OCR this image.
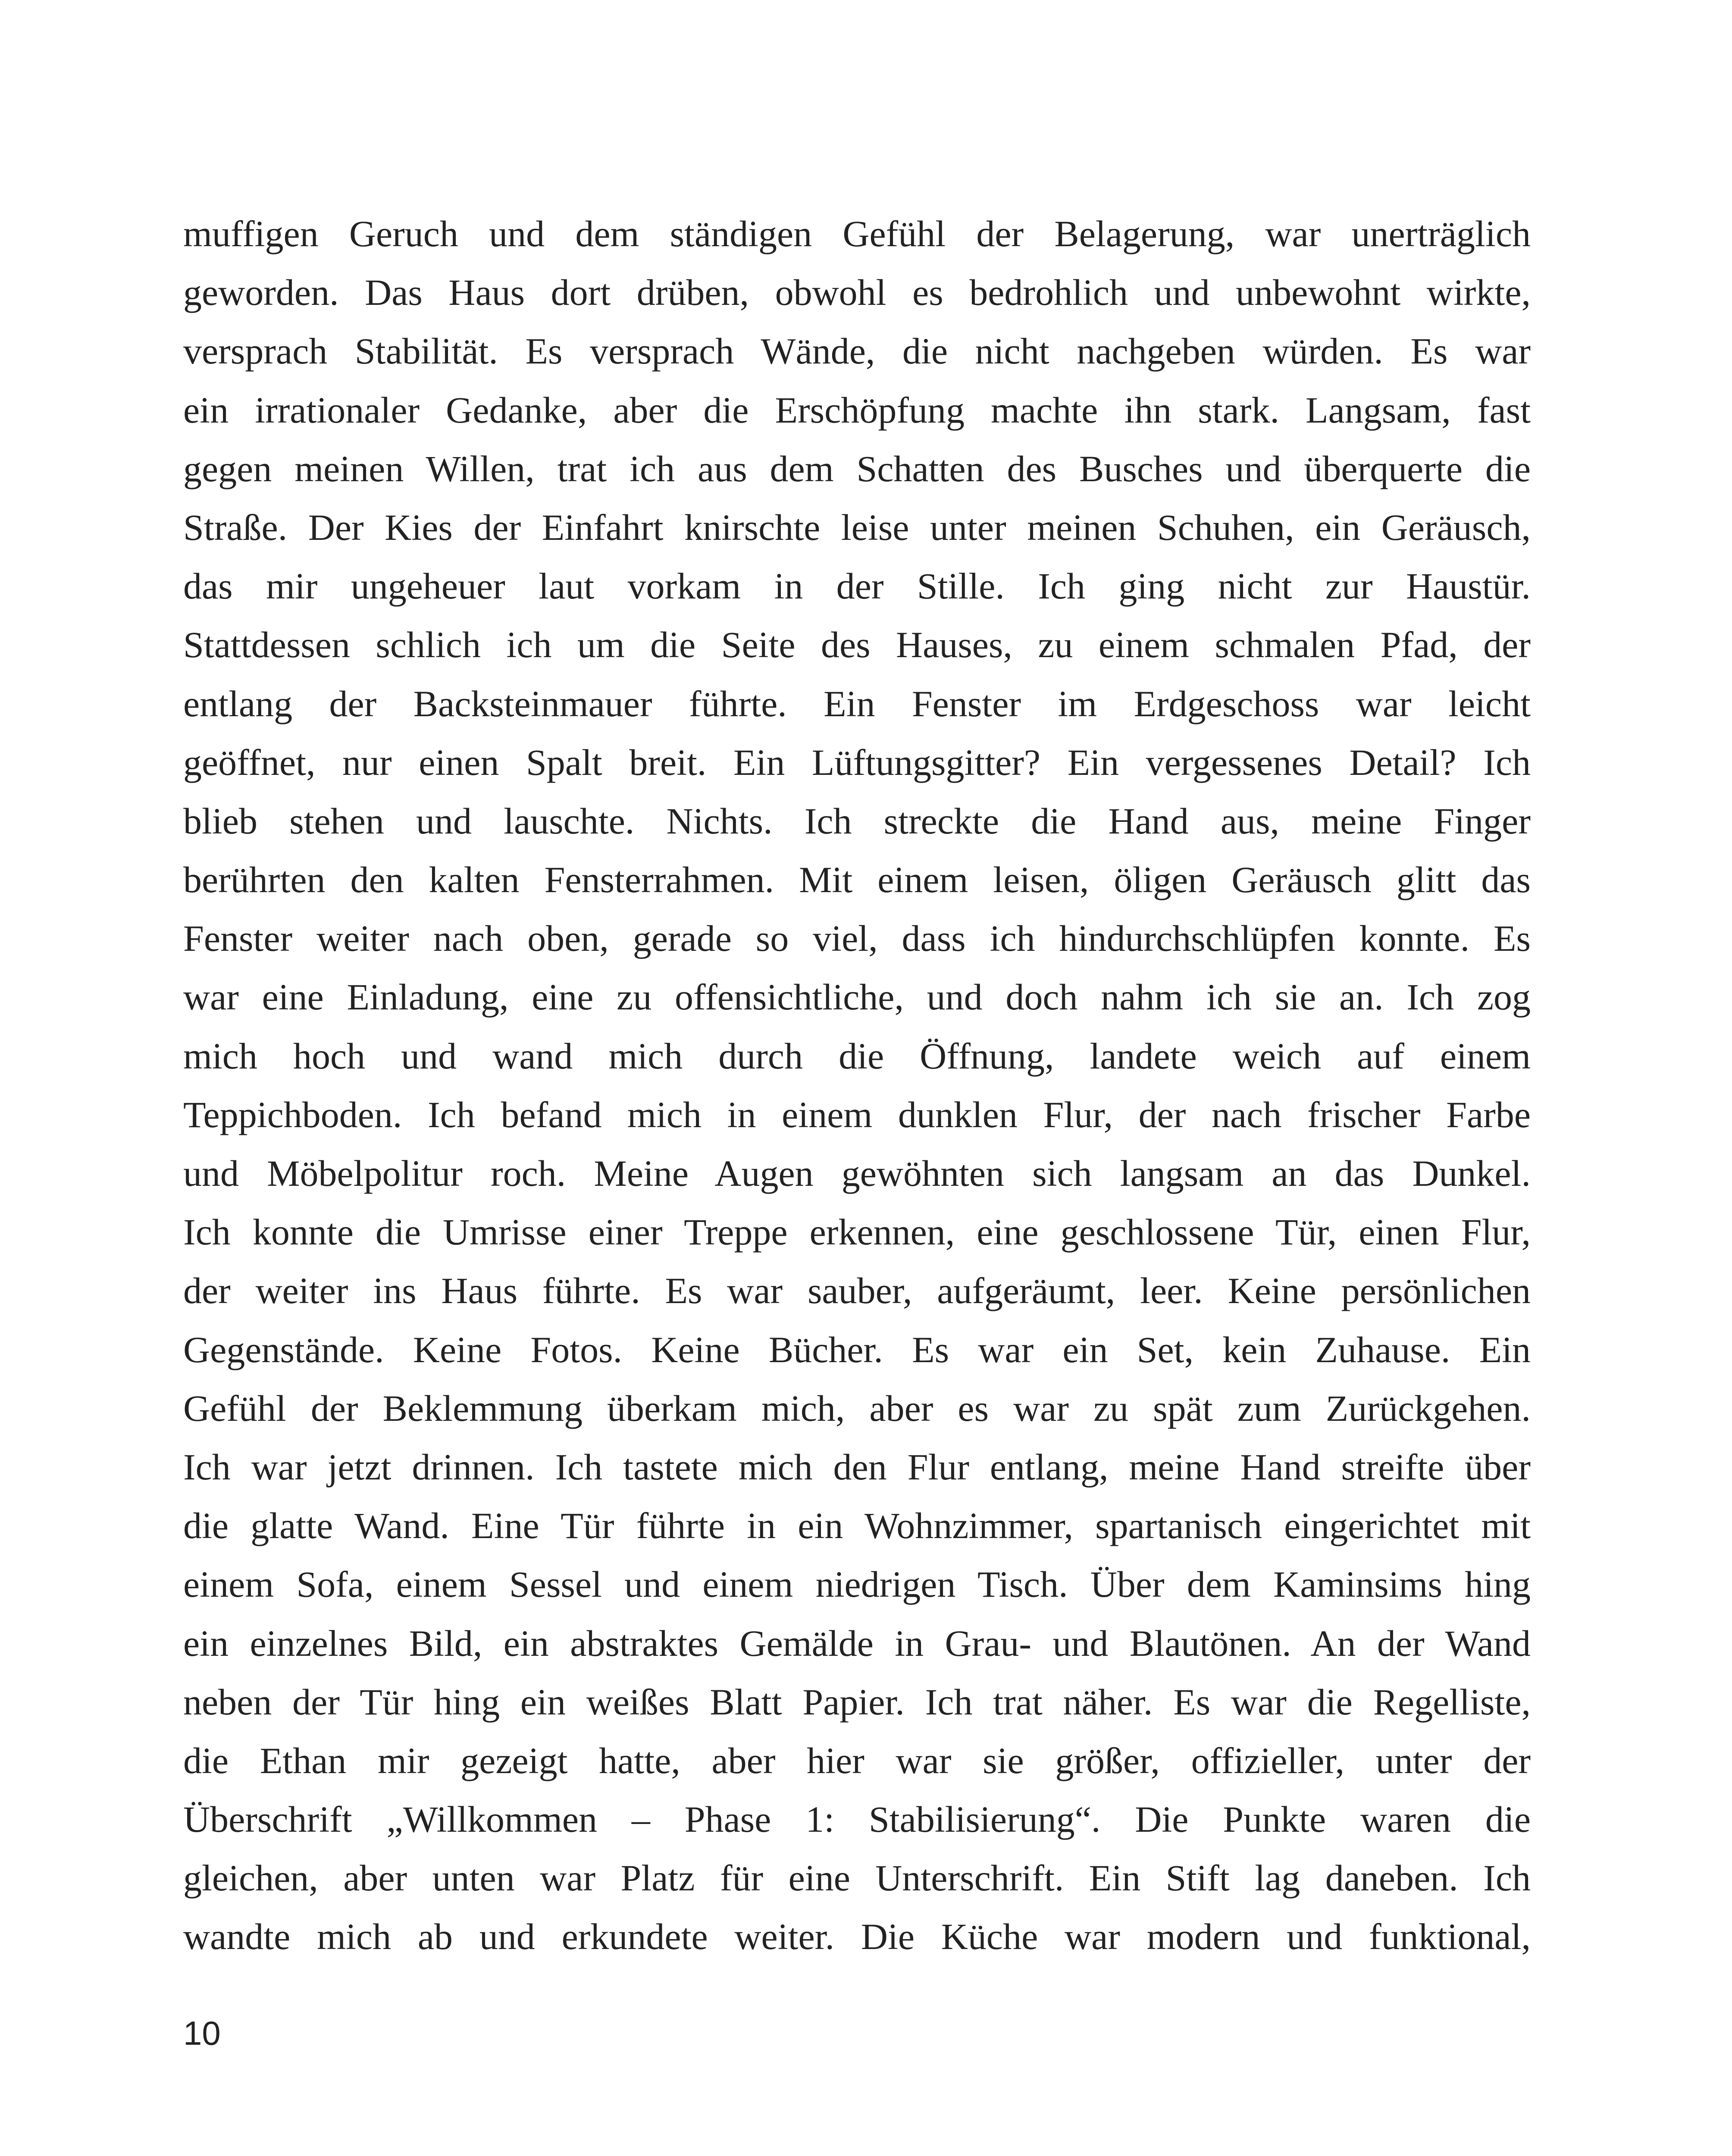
muffigen Geruch und dem ständigen Gefühl der Belagerung, war unerträglich
geworden. Das Haus dort drüben, obwohl es bedrohlich und unbewohnt wirkte,
versprach Stabilität. Es versprach Wände, die nicht nachgeben würden. Es war
ein irrationaler Gedanke, aber die Erschöpfung machte ihn stark. Langsam, fast
gegen meinen Willen, trat ich aus dem Schatten des Busches und überquerte die
Straße. Der Kies der Einfahrt knirschte leise unter meinen Schuhen, ein Geräusch,
das mir ungeheuer laut vorkam in der Stille. Ich ging nicht zur Haustür.
Stattdessen schlich ich um die Seite des Hauses, zu einem schmalen Pfad, der
entlang der Backsteinmauer führte. Ein Fenster im Erdgeschoss war leicht
geöffnet, nur einen Spalt breit. Ein Lüftungsgitter? Ein vergessenes Detail? Ich
blieb stehen und lauschte. Nichts. Ich streckte die Hand aus, meine Finger
berührten den kalten Fensterrahmen. Mit einem leisen, öligen Geräusch glitt das
Fenster weiter nach oben, gerade so viel, dass ich hindurchschlüpfen konnte. Es
war eine Einladung, eine zu offensichtliche, und doch nahm ich sie an. Ich zog
mich hoch und wand mich durch die Öffnung, landete weich auf einem
Teppichboden. Ich befand mich in einem dunklen Flur, der nach frischer Farbe
und Möbelpolitur roch. Meine Augen gewöhnten sich langsam an das Dunkel.
Ich konnte die Umrisse einer Treppe erkennen, eine geschlossene Tür, einen Flur,
der weiter ins Haus führte. Es war sauber, aufgeräumt, leer. Keine persönlichen
Gegenstände. Keine Fotos. Keine Bücher. Es war ein Set, kein Zuhause. Ein
Gefühl der Beklemmung überkam mich, aber es war zu spät zum Zurückgehen.
Ich war jetzt drinnen. Ich tastete mich den Flur entlang, meine Hand streifte über
die glatte Wand. Eine Tür führte in ein Wohnzimmer, spartanisch eingerichtet mit
einem Sofa, einem Sessel und einem niedrigen Tisch. Über dem Kaminsims hing
ein einzelnes Bild, ein abstraktes Gemälde in Grau- und Blautönen. An der Wand
neben der Tür hing ein weißes Blatt Papier. Ich trat näher. Es war die Regelliste,
die Ethan mir gezeigt hatte, aber hier war sie größer, offizieller, unter der
Überschrift „Willkommen – Phase 1: Stabilisierung“. Die Punkte waren die
gleichen, aber unten war Platz für eine Unterschrift. Ein Stift lag daneben. Ich
wandte mich ab und erkundete weiter. Die Küche war modern und funktional,
10
